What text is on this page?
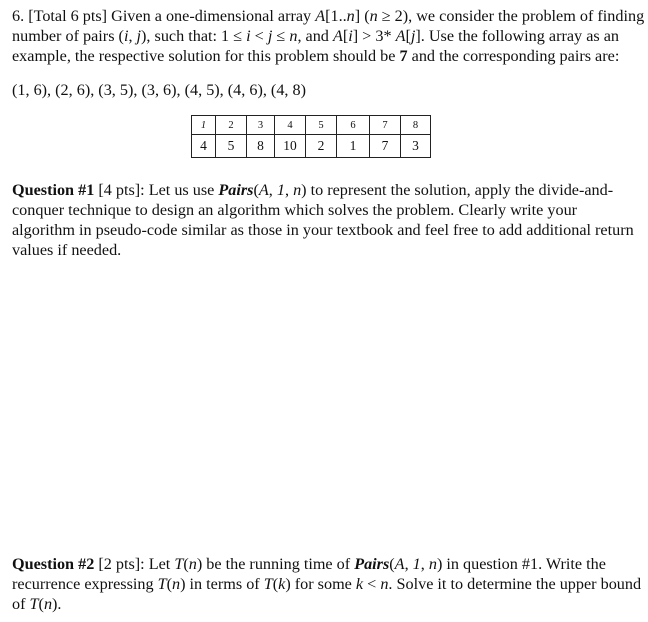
6. [Total 6 pts] Given a one-dimensional array A[1..n] (n ≥ 2), we consider the problem of finding
number of pairs (i, j), such that: 1 ≤ i < j ≤ n, and A[i] > 3* A[j]. Use the following array as an
example, the respective solution for this problem should be 7 and the corresponding pairs are:
(1, 6), (2, 6), (3, 5), (3, 6), (4, 5), (4, 6), (4, 8)
1	2	3	4	5	6	7	8
4	5	8	10	2	1	7	3
Question #1 [4 pts]: Let us use Pairs(A, 1, n) to represent the solution, apply the divide-and-
conquer technique to design an algorithm which solves the problem. Clearly write your
algorithm in pseudo-code similar as those in your textbook and feel free to add additional return
values if needed.
Question #2 [2 pts]: Let T(n) be the running time of Pairs(A, 1, n) in question #1. Write the
recurrence expressing T(n) in terms of T(k) for some k < n. Solve it to determine the upper bound
of T(n).
